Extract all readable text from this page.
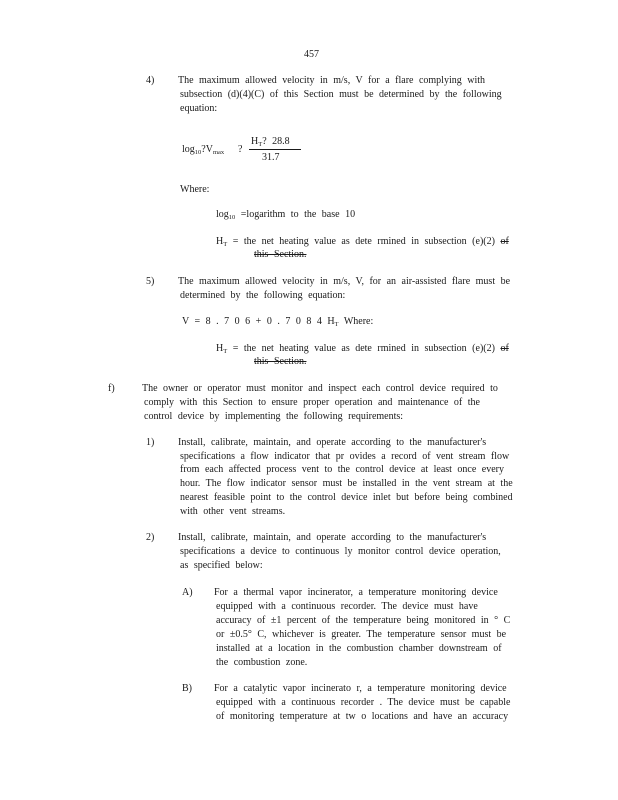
457
4) The maximum allowed velocity in m/s, V for a flare complying with
subsection (d)(4)(C) of this Section must be determined by the following
equation:
$\log_{10}?V_{max}$ ?
$H_T$? 28.8
31.7
Where:
$\log_{10}$ =logarithm to the base 10
$H_T$ = the net heating value as dete rmined in subsection (e)(2) of
this Section.
5) The maximum allowed velocity in m/s, V, for an air-assisted flare must be
determined by the following equation:
V = 8 . 7 0 6 + 0 . 7 0 8 4 $H_T$ Where:
$H_T$ = the net heating value as dete rmined in subsection (e)(2) of
this Section.
f)	The owner or operator must monitor and inspect each control device required to
comply with this Section to ensure proper operation and maintenance of the
control device by implementing the following requirements:
1) Install, calibrate, maintain, and operate according to the manufacturer's
specifications a flow indicator that pr ovides a record of vent stream flow
from each affected process vent to the control device at least once every
hour. The flow indicator sensor must be installed in the vent stream at the
nearest feasible point to the control device inlet but before being combined
with other vent streams.
2) Install, calibrate, maintain, and operate according to the manufacturer's
specifications a device to continuous ly monitor control device operation,
as specified below:
A) For a thermal vapor incinerator, a temperature monitoring device
equipped with a continuous recorder. The device must have
accuracy of ±1 percent of the temperature being monitored in ° C
or ±0.5° C, whichever is greater. The temperature sensor must be
installed at a location in the combustion chamber downstream of
the combustion zone.
B) For a catalytic vapor incinerato r, a temperature monitoring device
equipped with a continuous recorder . The device must be capable
of monitoring temperature at tw o locations and have an accuracy
